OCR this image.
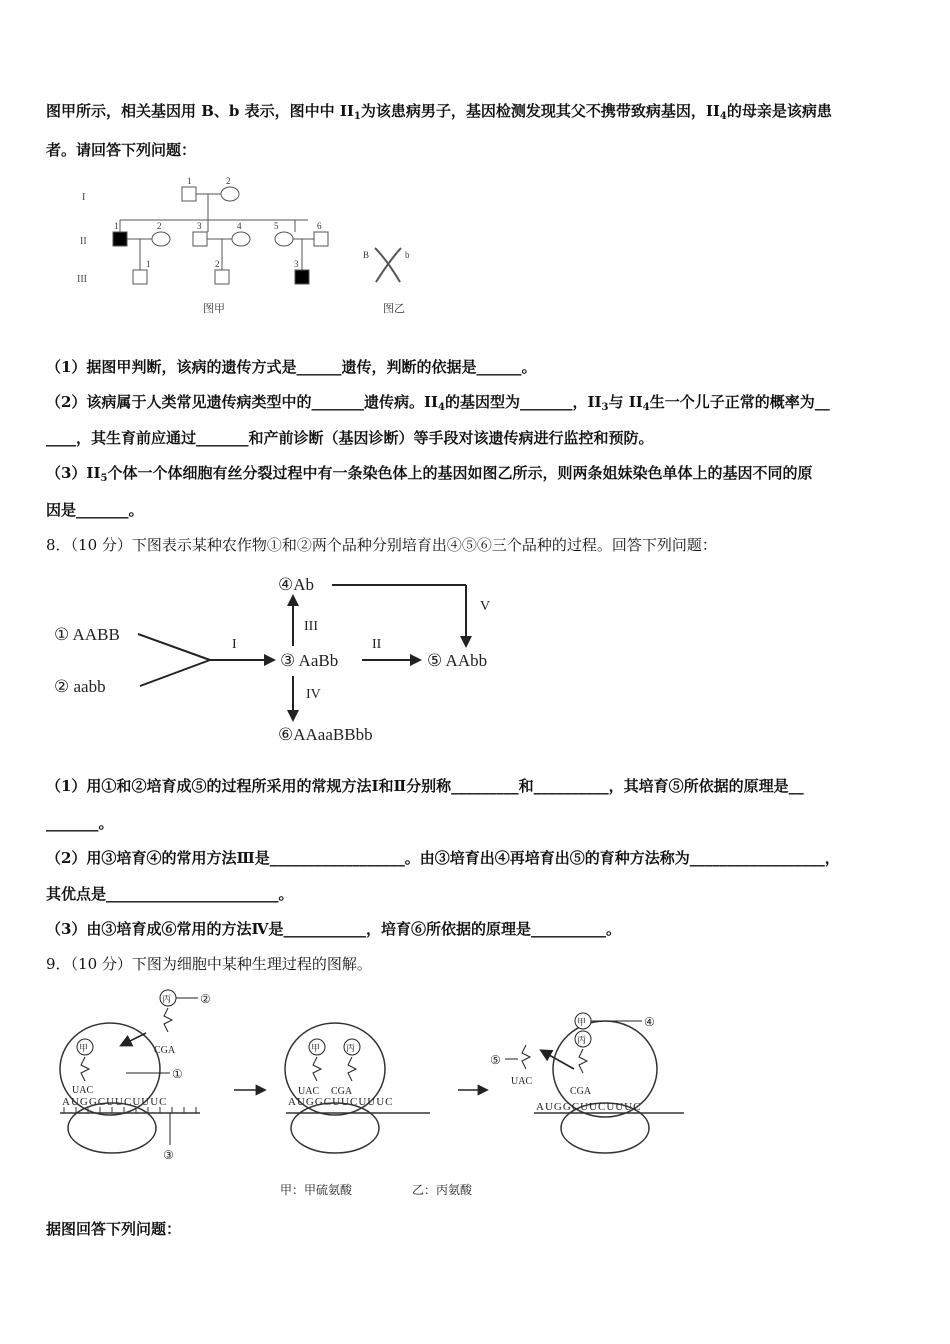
图甲所示，相关基因用 B、b 表示，图中中 $II_1$为该患病男子，基因检测发现其父不携带致病基因，$II_4$的母亲是该病患
者。请回答下列问题：
I
II
III
1	2
1	2	3	4	5	6
1	2	3
图甲
B	b
图乙
（1）据图甲判断，该病的遗传方式是______遗传，判断的依据是______。
（2）该病属于人类常见遗传病类型中的_______遗传病。$II_4$的基因型为_______，$II_3$与 $II_4$生一个儿子正常的概率为__
____，其生育前应通过_______和产前诊断（基因诊断）等手段对该遗传病进行监控和预防。
$(3)II_5$个体一个体细胞有丝分裂过程中有一条染色体上的基因如图乙所示，则两条姐妹染色单体上的基因不同的原
因是_______。
8．（10 分）下图表示某种农作物①和②两个品种分别培育出④⑤⑥三个品种的过程。回答下列问题：
① AABB
② aabb
③ AaBb
④Ab
⑤ AAbb
⑥AAaaBBbb
I	II
III
IV
V
（1）用①和②培育成⑤的过程所采用的常规方法Ⅰ和Ⅱ分别称_________和__________，其培育⑤所依据的原理是__
_______。
（2）用③培育④的常用方法Ⅲ是__________________。由③培育出④再培育出⑤的育种方法称为__________________，
其优点是_______________________。
（3）由③培育成⑥常用的方法Ⅳ是___________，培育⑥所依据的原理是__________。
9．（10 分）下图为细胞中某种生理过程的图解。
AUGGCUUCUUUC
UAC
甲
丙
CGA
②
①
③
AUGGCUUCUUUC
UAC CGA
甲	丙
AUGGCUUCUUUC
UAC
CGA
甲
丙
④
⑤
甲：甲硫氨酸	乙：丙氨酸
据图回答下列问题：
